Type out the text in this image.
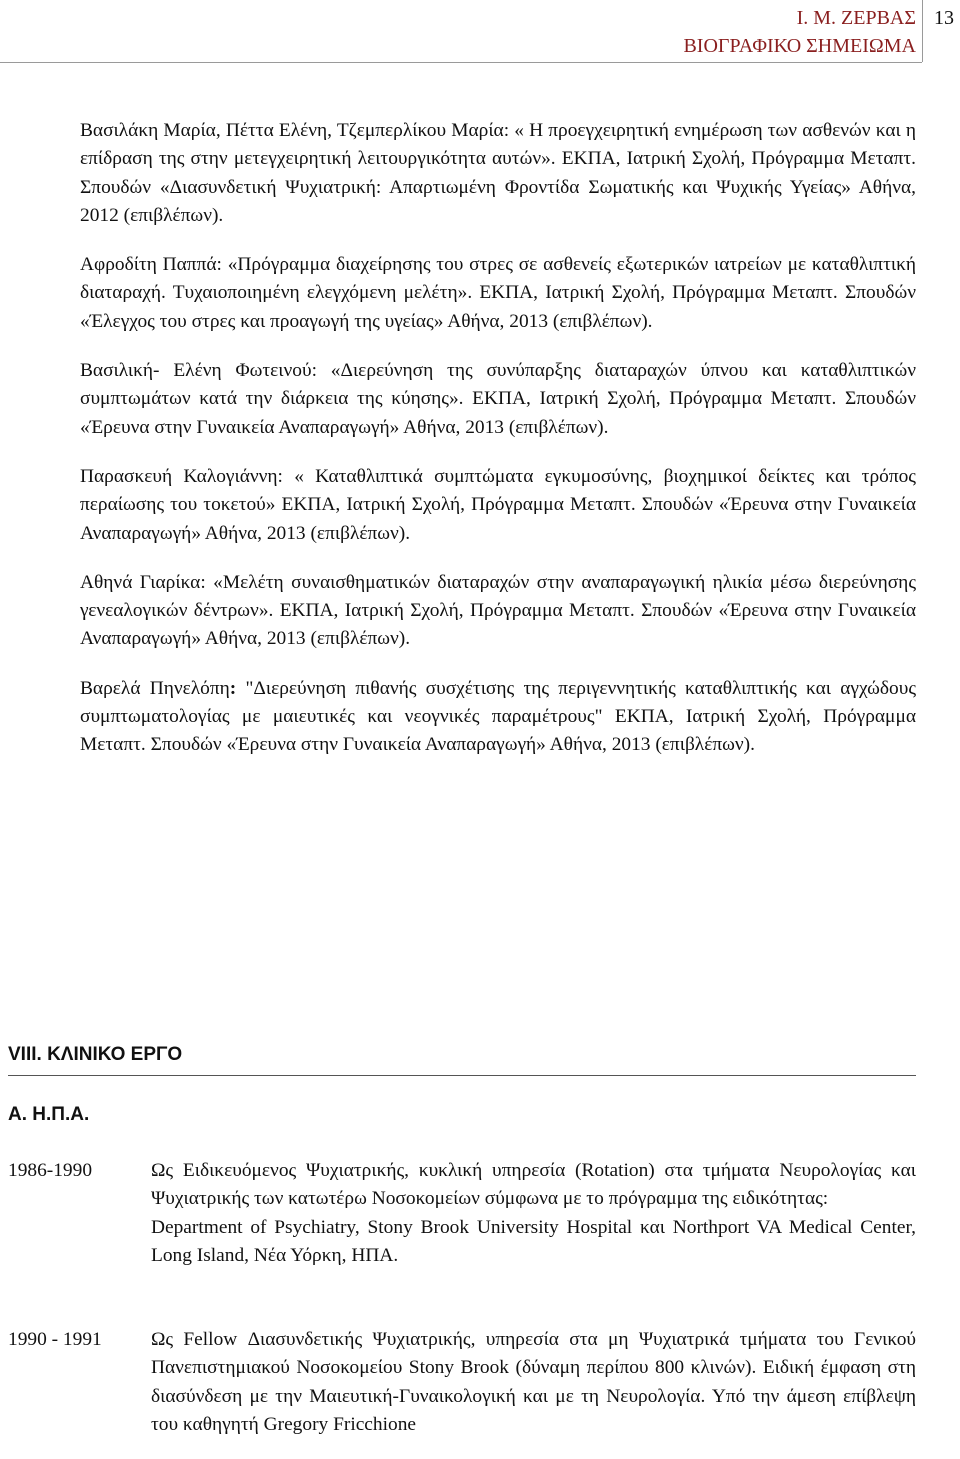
Ι. Μ. ΖΕΡΒΑΣ
ΒΙΟΓΡΑΦΙΚΟ ΣΗΜΕΙΩΜΑ
13

Βασιλάκη Μαρία, Πέττα Ελένη, Τζεμπερλίκου Μαρία: « Η προεγχειρητική ενημέρωση των ασθενών και η επίδραση της στην μετεγχειρητική λειτουργικότητα αυτών». ΕΚΠΑ, Ιατρική Σχολή, Πρόγραμμα Μεταπτ. Σπουδών «Διασυνδετική Ψυχιατρική: Απαρτιωμένη Φροντίδα Σωματικής και Ψυχικής Υγείας» Αθήνα, 2012 (επιβλέπων).

Αφροδίτη Παππά: «Πρόγραμμα διαχείρησης του στρες σε ασθενείς εξωτερικών ιατρείων με καταθλιπτική διαταραχή. Τυχαιοποιημένη ελεγχόμενη μελέτη». ΕΚΠΑ, Ιατρική Σχολή, Πρόγραμμα Μεταπτ. Σπουδών «Έλεγχος του στρες και προαγωγή της υγείας» Αθήνα, 2013 (επιβλέπων).

Βασιλική- Ελένη Φωτεινού: «Διερεύνηση της συνύπαρξης διαταραχών ύπνου και καταθλιπτικών συμπτωμάτων κατά την διάρκεια της κύησης». ΕΚΠΑ, Ιατρική Σχολή, Πρόγραμμα Μεταπτ. Σπουδών «Έρευνα στην Γυναικεία Αναπαραγωγή» Αθήνα, 2013 (επιβλέπων).

Παρασκευή Καλογιάννη: « Καταθλιπτικά συμπτώματα εγκυμοσύνης, βιοχημικοί δείκτες και τρόπος περαίωσης του τοκετού» ΕΚΠΑ, Ιατρική Σχολή, Πρόγραμμα Μεταπτ. Σπουδών «Έρευνα στην Γυναικεία Αναπαραγωγή» Αθήνα, 2013 (επιβλέπων).

Αθηνά Γιαρίκα: «Μελέτη συναισθηματικών διαταραχών στην αναπαραγωγική ηλικία μέσω διερεύνησης γενεαλογικών δέντρων». ΕΚΠΑ, Ιατρική Σχολή, Πρόγραμμα Μεταπτ. Σπουδών «Έρευνα στην Γυναικεία Αναπαραγωγή» Αθήνα, 2013 (επιβλέπων).

Βαρελά Πηνελόπη: "Διερεύνηση πιθανής συσχέτισης της περιγεννητικής καταθλιπτικής και αγχώδους συμπτωματολογίας με μαιευτικές και νεογνικές παραμέτρους" ΕΚΠΑ, Ιατρική Σχολή, Πρόγραμμα Μεταπτ. Σπουδών «Έρευνα στην Γυναικεία Αναπαραγωγή» Αθήνα, 2013 (επιβλέπων).

VIII. ΚΛΙΝΙΚΟ ΕΡΓΟ
Α. Η.Π.Α.
1986-1990	Ως Ειδικευόμενος Ψυχιατρικής, κυκλική υπηρεσία (Rotation) στα τμήματα Νευρολογίας και Ψυχιατρικής των κατωτέρω Νοσοκομείων σύμφωνα με το πρόγραμμα της ειδικότητας:

Department of Psychiatry, Stony Brook University Hospital και Northport VA Medical Center, Long Island, Νέα Υόρκη, ΗΠΑ.

1990 - 1991	Ως Fellow Διασυνδετικής Ψυχιατρικής, υπηρεσία στα μη Ψυχιατρικά τμήματα του Γενικού Πανεπιστημιακού Νοσοκομείου Stony Brook (δύναμη περίπου 800 κλινών). Ειδική έμφαση στη διασύνδεση με την Μαιευτική-Γυναικολογική και με τη Νευρολογία. Υπό την άμεση επίβλεψη του καθηγητή Gregory Fricchione
